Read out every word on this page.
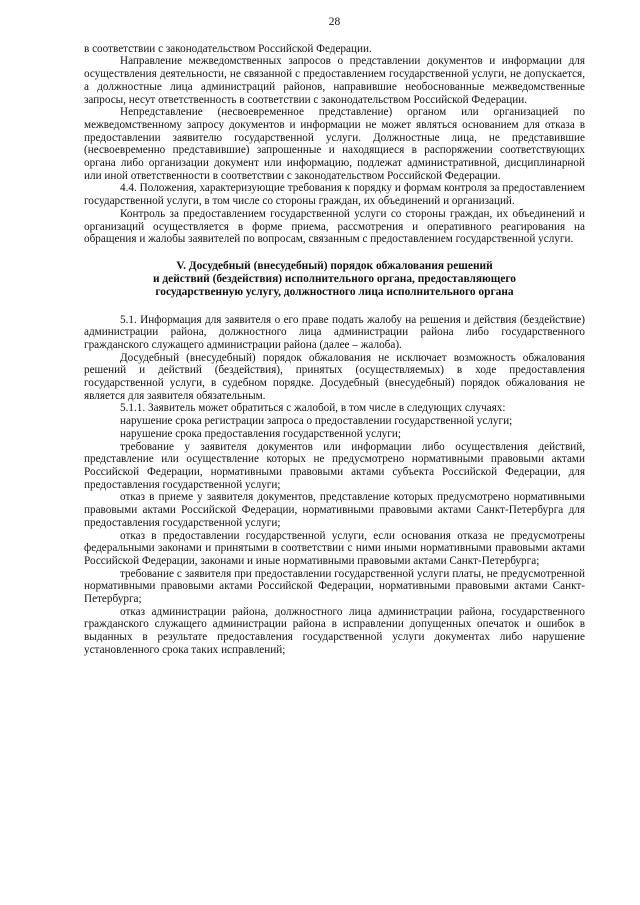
28

в соответствии с законодательством Российской Федерации.

Направление межведомственных запросов о представлении документов и информации для осуществления деятельности, не связанной с предоставлением государственной услуги, не допускается, а должностные лица администраций районов, направившие необоснованные межведомственные запросы, несут ответственность в соответствии с законодательством Российской Федерации.

Непредставление (несвоевременное представление) органом или организацией по межведомственному запросу документов и информации не может являться основанием для отказа в предоставлении заявителю государственной услуги. Должностные лица, не представившие (несвоевременно представившие) запрошенные и находящиеся в распоряжении соответствующих органа либо организации документ или информацию, подлежат административной, дисциплинарной или иной ответственности в соответствии с законодательством Российской Федерации.

4.4. Положения, характеризующие требования к порядку и формам контроля за предоставлением государственной услуги, в том числе со стороны граждан, их объединений и организаций.

Контроль за предоставлением государственной услуги со стороны граждан, их объединений и организаций осуществляется в форме приема, рассмотрения и оперативного реагирования на обращения и жалобы заявителей по вопросам, связанным с предоставлением государственной услуги.

V. Досудебный (внесудебный) порядок обжалования решений
и действий (бездействия) исполнительного органа, предоставляющего
государственную услугу, должностного лица исполнительного органа

5.1. Информация для заявителя о его праве подать жалобу на решения и действия (бездействие) администрации района, должностного лица администрации района либо государственного гражданского служащего администрации района (далее – жалоба).

Досудебный (внесудебный) порядок обжалования не исключает возможность обжалования решений и действий (бездействия), принятых (осуществляемых) в ходе предоставления государственной услуги, в судебном порядке. Досудебный (внесудебный) порядок обжалования не является для заявителя обязательным.

5.1.1. Заявитель может обратиться с жалобой, в том числе в следующих случаях:

нарушение срока регистрации запроса о предоставлении государственной услуги;

нарушение срока предоставления государственной услуги;

требование у заявителя документов или информации либо осуществления действий, представление или осуществление которых не предусмотрено нормативными правовыми актами Российской Федерации, нормативными правовыми актами субъекта Российской Федерации, для предоставления государственной услуги;

отказ в приеме у заявителя документов, представление которых предусмотрено нормативными правовыми актами Российской Федерации, нормативными правовыми актами Санкт-Петербурга для предоставления государственной услуги;

отказ в предоставлении государственной услуги, если основания отказа не предусмотрены федеральными законами и принятыми в соответствии с ними иными нормативными правовыми актами Российской Федерации, законами и иные нормативными правовыми актами Санкт-Петербурга;

требование с заявителя при предоставлении государственной услуги платы, не предусмотренной нормативными правовыми актами Российской Федерации, нормативными правовыми актами Санкт-Петербурга;

отказ администрации района, должностного лица администрации района, государственного гражданского служащего администрации района в исправлении допущенных опечаток и ошибок в выданных в результате предоставления государственной услуги документах либо нарушение установленного срока таких исправлений;
